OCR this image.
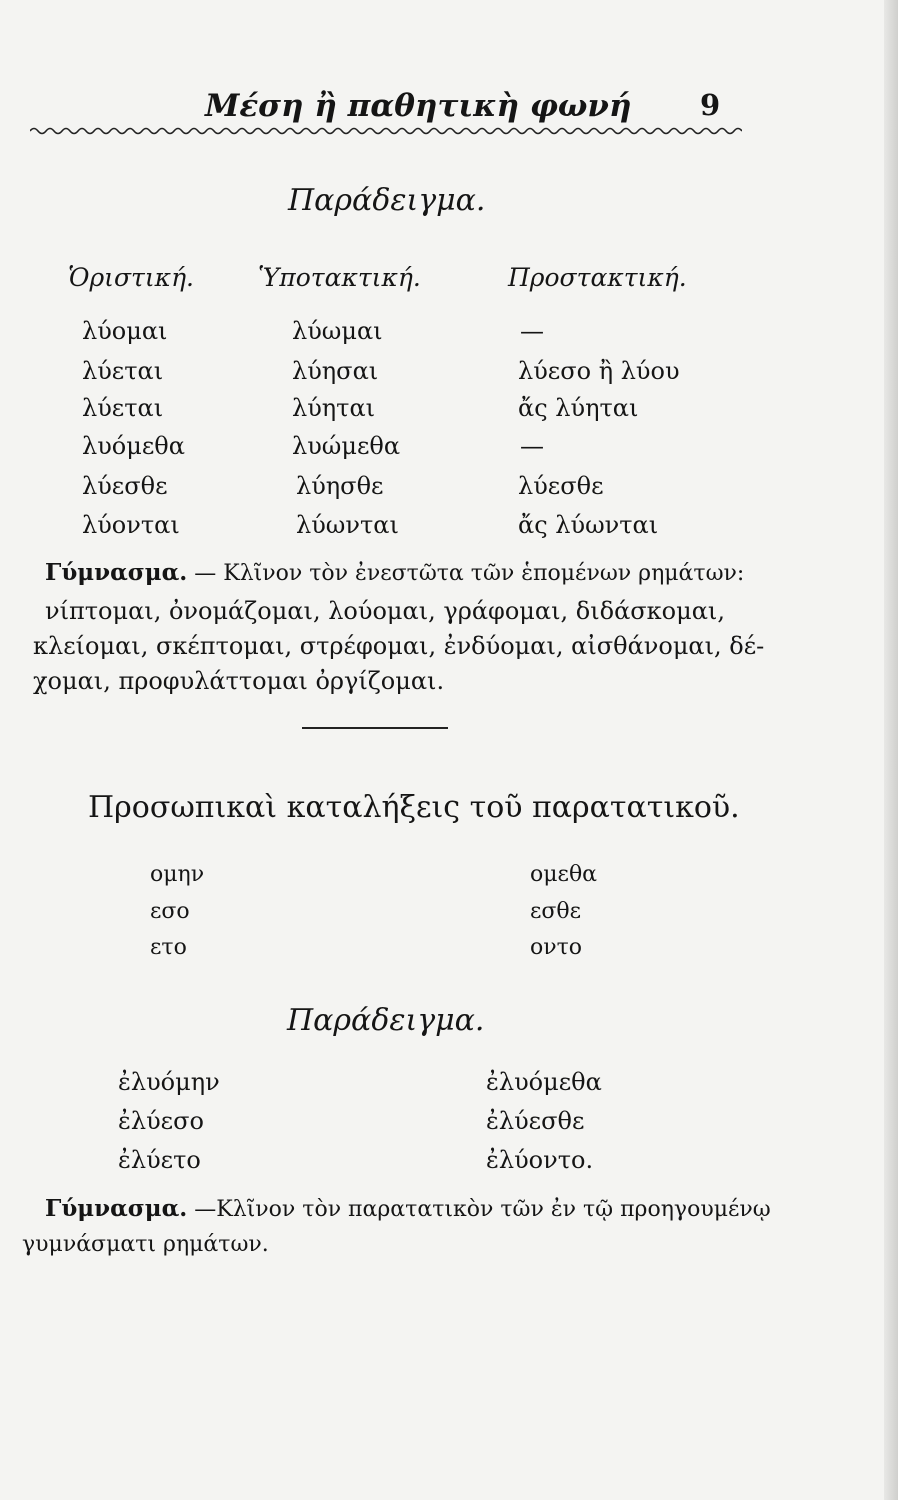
Μέση ἢ παθητικὴ φωνή 9
Παράδειγμα.
Ὁριστική.	Ὑποτακτική.	Προστακτική.
λύομαι	λύωμαι	—
λύεται	λύησαι	λύεσο ἢ λύου
λύεται	λύηται	ἄς λύηται
λυόμεθα	λυώμεθα	—
λύεσθε	λύησθε	λύεσθε
λύονται	λύωνται	ἄς λύωνται
Γύμνασμα. — Κλῖνον τὸν ἐνεστῶτα τῶν ἑπομένων ρημάτων:
νίπτομαι, ὀνομάζομαι, λούομαι, γράφομαι, διδάσκομαι,
κλείομαι, σκέπτομαι, στρέφομαι, ἐνδύομαι, αἰσθάνομαι, δέ-
χομαι, προφυλάττομαι ὀργίζομαι.
Προσωπικαὶ καταλήξεις τοῦ παρατατικοῦ.
ομην	ομεθα
εσο	εσθε
ετο	οντο
Παράδειγμα.
ἐλυόμην	ἐλυόμεθα
ἐλύεσο	ἐλύεσθε
ἐλύετο	ἐλύοντο.
Γύμνασμα. —Κλῖνον τὸν παρατατικὸν τῶν ἐν τῷ προηγουμένῳ
γυμνάσματι ρημάτων.
